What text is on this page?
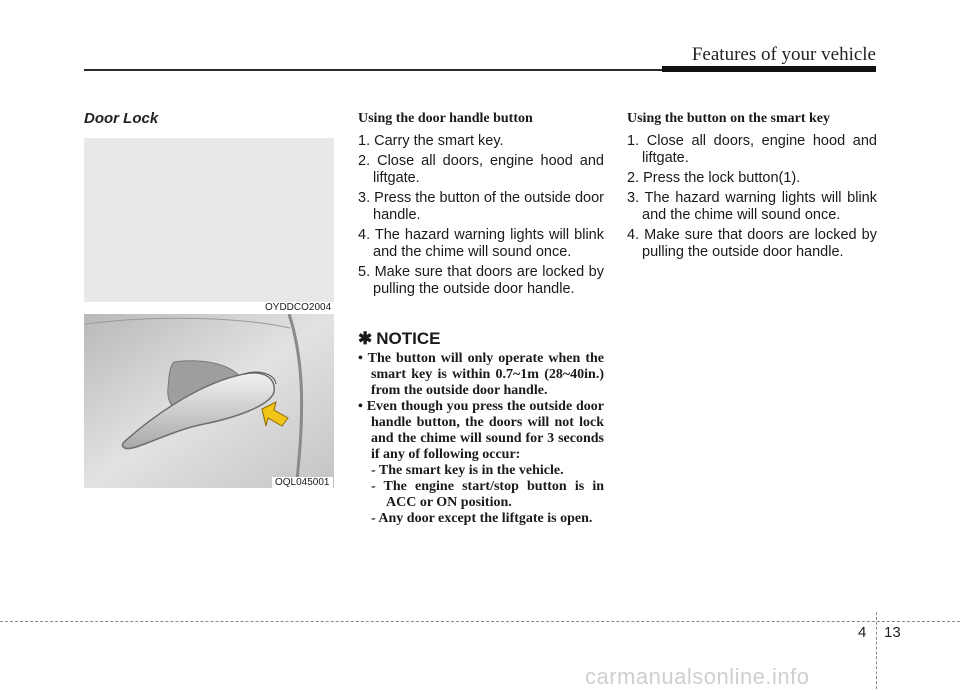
Features of your vehicle
Door Lock
OYDDCO2004
OQL045001

Using the door handle button

1. Carry the smart key.

2. Close all doors, engine hood and liftgate.

3. Press the button of the outside door handle.

4. The hazard warning lights will blink and the chime will sound once.

5. Make sure that doors are locked by pulling the outside door handle.

✱ NOTICE
• The button will only operate when the smart key is within 0.7~1m (28~40in.) from the outside door handle.
• Even though you press the outside door handle button, the doors will not lock and the chime will sound for 3 seconds if any of following occur:
- The smart key is in the vehicle.
- The engine start/stop button is in ACC or ON position.
- Any door except the liftgate is open.

Using the button on the smart key

1. Close all doors, engine hood and liftgate.

2. Press the lock button(1).

3. The hazard warning lights will blink and the chime will sound once.

4. Make sure that doors are locked by pulling the outside door handle.

4 13
carmanualsonline.info
